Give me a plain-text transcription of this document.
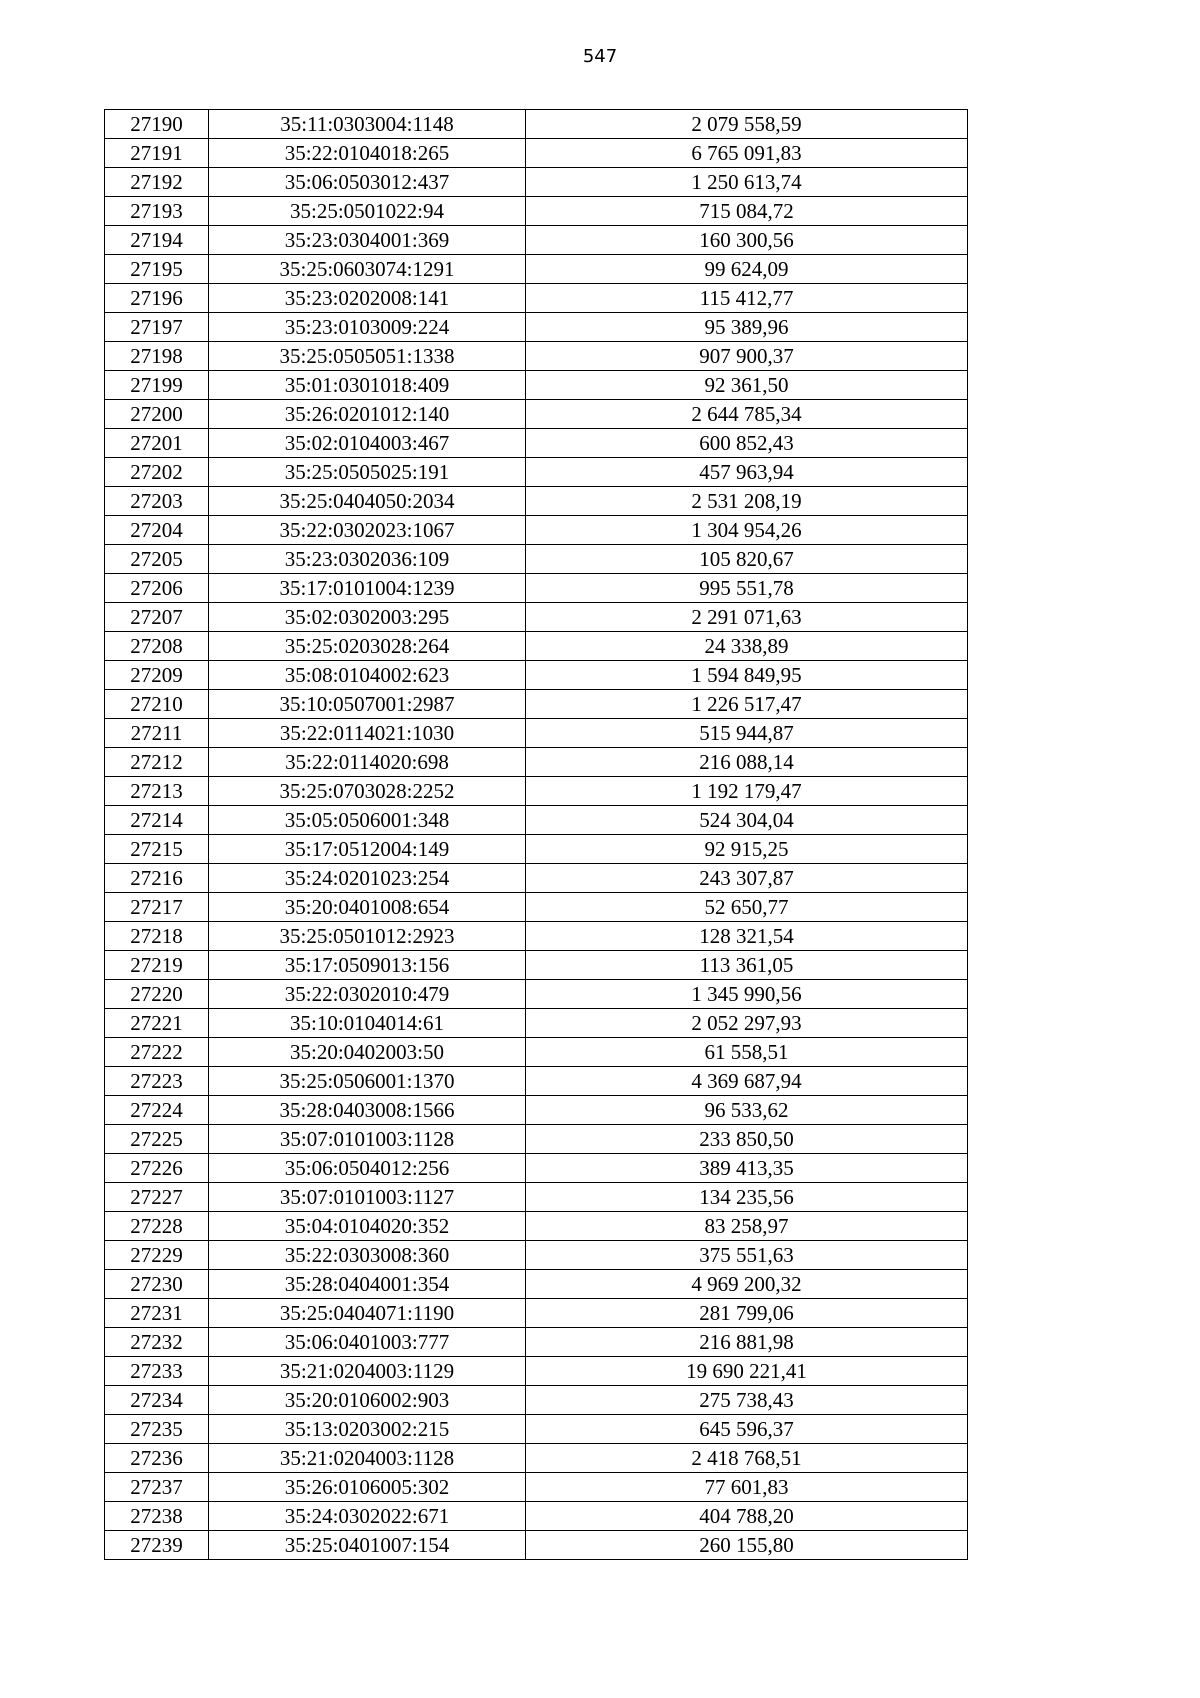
547
27190	35:11:0303004:1148	2 079 558,59
27191	35:22:0104018:265	6 765 091,83
27192	35:06:0503012:437	1 250 613,74
27193	35:25:0501022:94	715 084,72
27194	35:23:0304001:369	160 300,56
27195	35:25:0603074:1291	99 624,09
27196	35:23:0202008:141	115 412,77
27197	35:23:0103009:224	95 389,96
27198	35:25:0505051:1338	907 900,37
27199	35:01:0301018:409	92 361,50
27200	35:26:0201012:140	2 644 785,34
27201	35:02:0104003:467	600 852,43
27202	35:25:0505025:191	457 963,94
27203	35:25:0404050:2034	2 531 208,19
27204	35:22:0302023:1067	1 304 954,26
27205	35:23:0302036:109	105 820,67
27206	35:17:0101004:1239	995 551,78
27207	35:02:0302003:295	2 291 071,63
27208	35:25:0203028:264	24 338,89
27209	35:08:0104002:623	1 594 849,95
27210	35:10:0507001:2987	1 226 517,47
27211	35:22:0114021:1030	515 944,87
27212	35:22:0114020:698	216 088,14
27213	35:25:0703028:2252	1 192 179,47
27214	35:05:0506001:348	524 304,04
27215	35:17:0512004:149	92 915,25
27216	35:24:0201023:254	243 307,87
27217	35:20:0401008:654	52 650,77
27218	35:25:0501012:2923	128 321,54
27219	35:17:0509013:156	113 361,05
27220	35:22:0302010:479	1 345 990,56
27221	35:10:0104014:61	2 052 297,93
27222	35:20:0402003:50	61 558,51
27223	35:25:0506001:1370	4 369 687,94
27224	35:28:0403008:1566	96 533,62
27225	35:07:0101003:1128	233 850,50
27226	35:06:0504012:256	389 413,35
27227	35:07:0101003:1127	134 235,56
27228	35:04:0104020:352	83 258,97
27229	35:22:0303008:360	375 551,63
27230	35:28:0404001:354	4 969 200,32
27231	35:25:0404071:1190	281 799,06
27232	35:06:0401003:777	216 881,98
27233	35:21:0204003:1129	19 690 221,41
27234	35:20:0106002:903	275 738,43
27235	35:13:0203002:215	645 596,37
27236	35:21:0204003:1128	2 418 768,51
27237	35:26:0106005:302	77 601,83
27238	35:24:0302022:671	404 788,20
27239	35:25:0401007:154	260 155,80
